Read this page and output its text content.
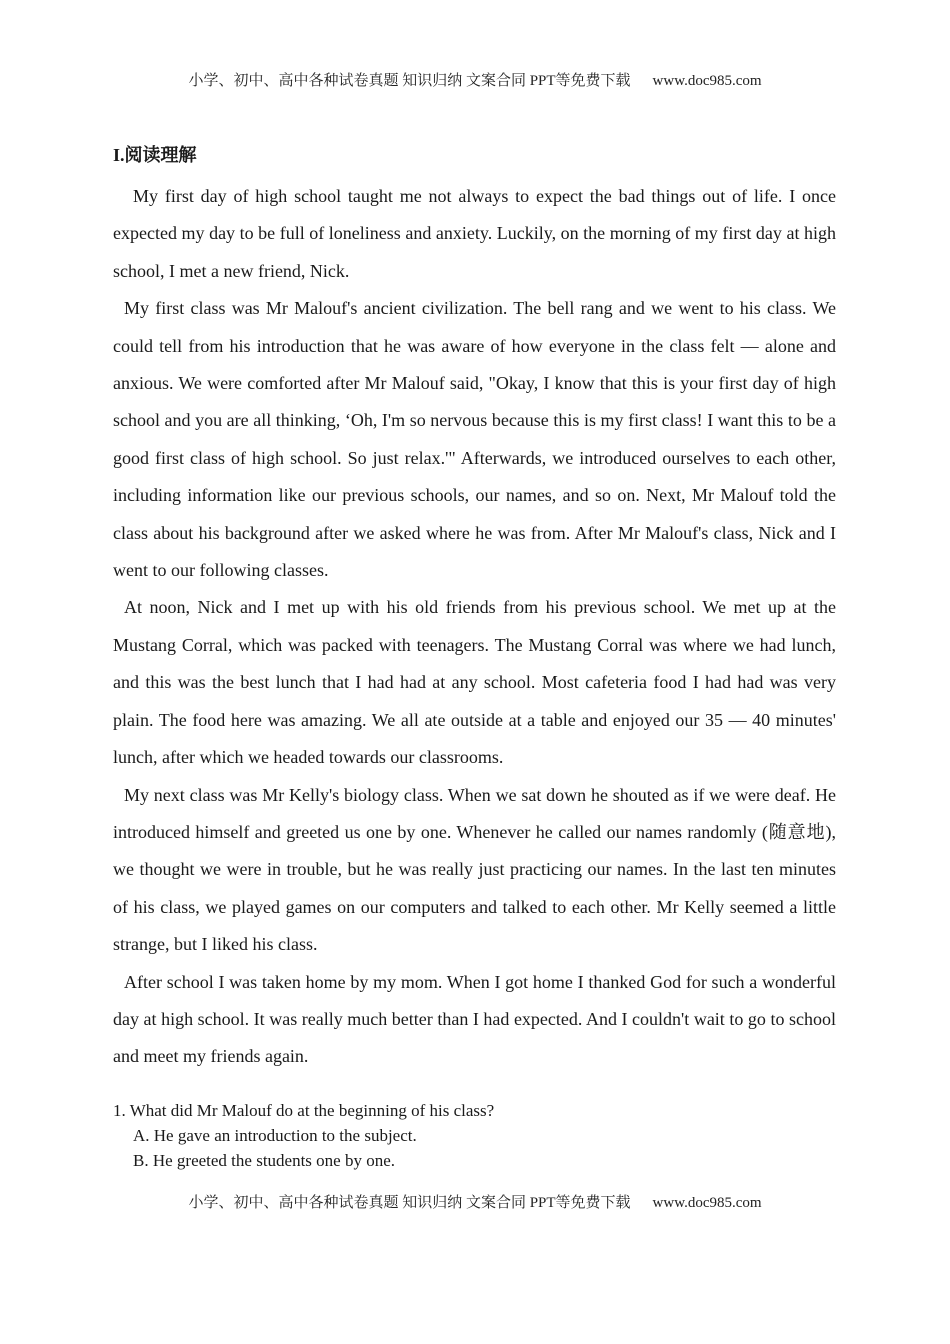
小学、初中、高中各种试卷真题 知识归纳 文案合同 PPT等免费下载 www.doc985.com
I.阅读理解

My first day of high school taught me not always to expect the bad things out of life. I once expected my day to be full of loneliness and anxiety. Luckily, on the morning of my first day at high school, I met a new friend, Nick.

My first class was Mr Malouf's ancient civilization. The bell rang and we went to his class. We could tell from his introduction that he was aware of how everyone in the class felt — alone and anxious. We were comforted after Mr Malouf said, "Okay, I know that this is your first day of high school and you are all thinking, ‘Oh, I'm so nervous because this is my first class! I want this to be a good first class of high school. So just relax.'" Afterwards, we introduced ourselves to each other, including information like our previous schools, our names, and so on. Next, Mr Malouf told the class about his background after we asked where he was from. After Mr Malouf's class, Nick and I went to our following classes.

At noon, Nick and I met up with his old friends from his previous school. We met up at the Mustang Corral, which was packed with teenagers. The Mustang Corral was where we had lunch, and this was the best lunch that I had had at any school. Most cafeteria food I had had was very plain. The food here was amazing. We all ate outside at a table and enjoyed our 35 — 40 minutes' lunch, after which we headed towards our classrooms.

My next class was Mr Kelly's biology class. When we sat down he shouted as if we were deaf. He introduced himself and greeted us one by one. Whenever he called our names randomly (随意地), we thought we were in trouble, but he was really just practicing our names. In the last ten minutes of his class, we played games on our computers and talked to each other. Mr Kelly seemed a little strange, but I liked his class.

After school I was taken home by my mom. When I got home I thanked God for such a wonderful day at high school. It was really much better than I had expected. And I couldn't wait to go to school and meet my friends again.

1. What did Mr Malouf do at the beginning of his class?

A. He gave an introduction to the subject.

B. He greeted the students one by one.

小学、初中、高中各种试卷真题 知识归纳 文案合同 PPT等免费下载 www.doc985.com
